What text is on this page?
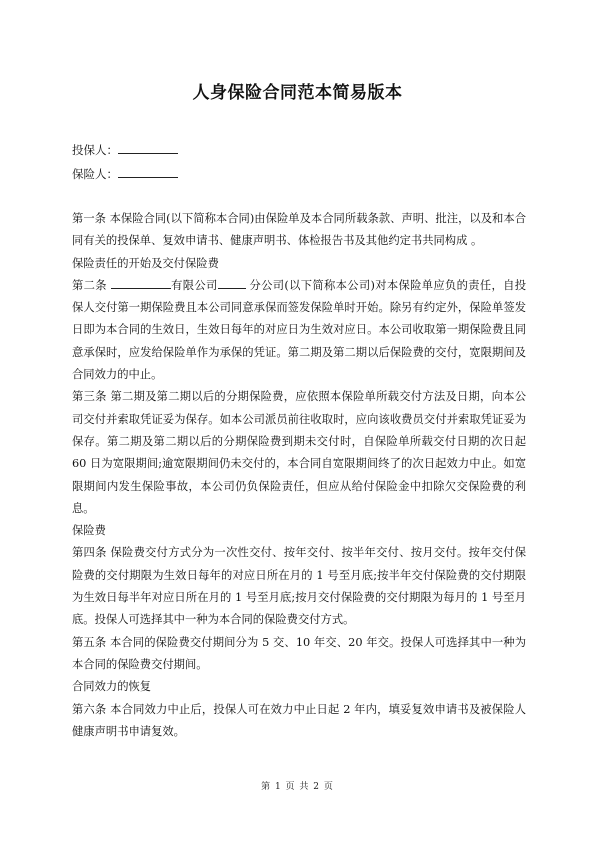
人身保险合同范本简易版本
投保人：
保险人：

第一条 本保险合同(以下简称本合同)由保险单及本合同所载条款、声明、批注，以及和本合同有关的投保单、复效申请书、健康声明书、体检报告书及其他约定书共同构成 。

保险责任的开始及交付保险费

第二条	有限公司 分公司(以下简称本公司)对本保险单应负的责任，自投保人交付第一期保险费且本公司同意承保而签发保险单时开始。除另有约定外，保险单签发日即为本合同的生效日，生效日每年的对应日为生效对应日。本公司收取第一期保险费且同意承保时，应发给保险单作为承保的凭证。第二期及第二期以后保险费的交付，宽限期间及合同效力的中止。

第三条 第二期及第二期以后的分期保险费，应依照本保险单所载交付方法及日期，向本公司交付并索取凭证妥为保存。如本公司派员前往收取时，应向该收费员交付并索取凭证妥为保存。第二期及第二期以后的分期保险费到期未交付时，自保险单所载交付日期的次日起 60 日为宽限期间;逾宽限期间仍未交付的，本合同自宽限期间终了的次日起效力中止。如宽限期间内发生保险事故，本公司仍负保险责任，但应从给付保险金中扣除欠交保险费的利息。

保险费

第四条 保险费交付方式分为一次性交付、按年交付、按半年交付、按月交付。按年交付保险费的交付期限为生效日每年的对应日所在月的 1 号至月底;按半年交付保险费的交付期限为生效日每半年对应日所在月的 1 号至月底;按月交付保险费的交付期限为每月的 1 号至月底。投保人可选择其中一种为本合同的保险费交付方式。

第五条 本合同的保险费交付期间分为 5 交、10 年交、20 年交。投保人可选择其中一种为本合同的保险费交付期间。

合同效力的恢复

第六条 本合同效力中止后，投保人可在效力中止日起 2 年内，填妥复效申请书及被保险人健康声明书申请复效。

第 1 页 共 2 页
